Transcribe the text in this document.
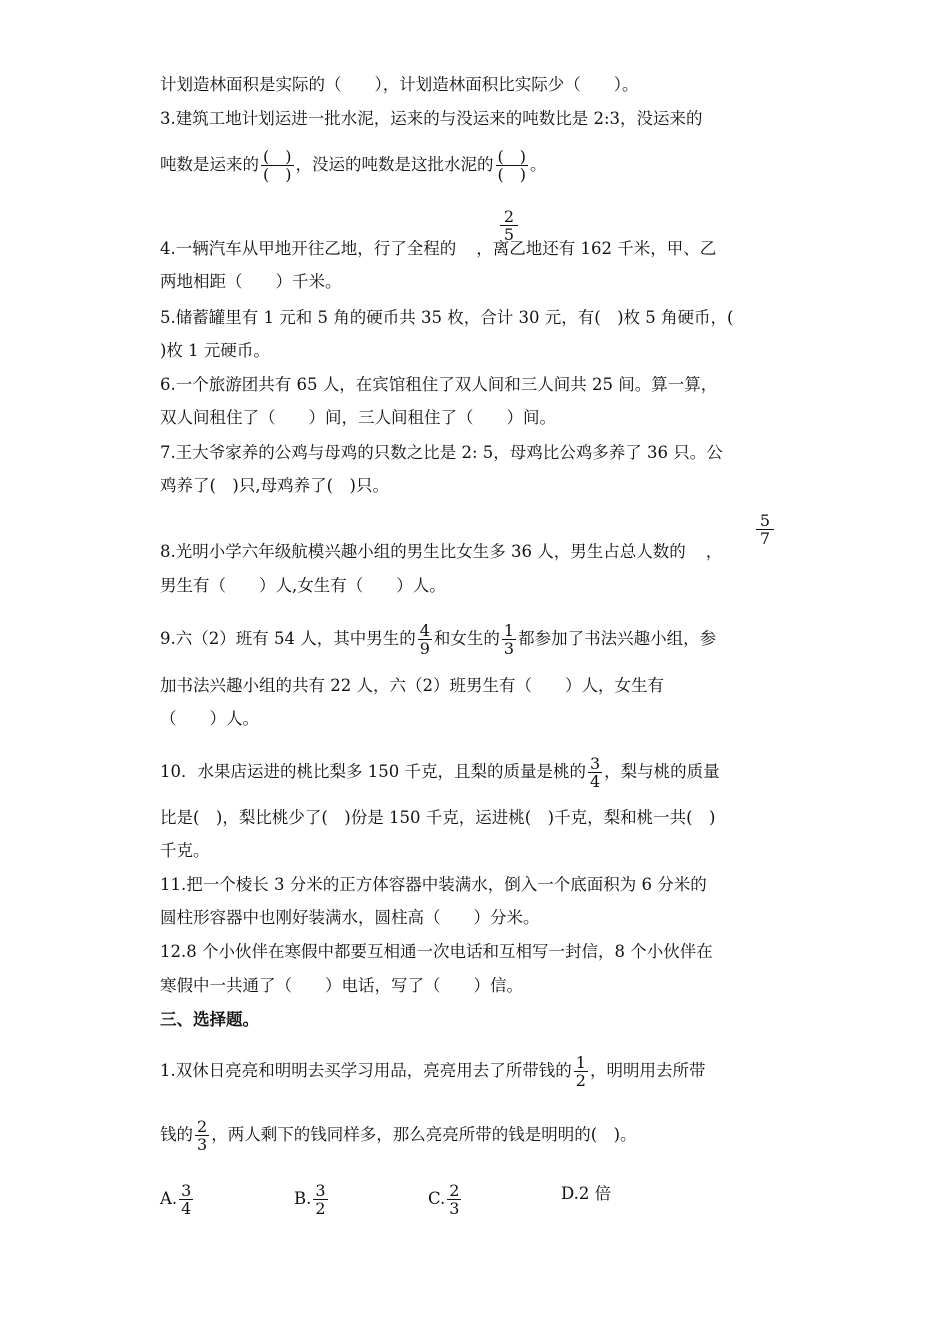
计划造林面积是实际的（　　），计划造林面积比实际少（　　）。
3.建筑工地计划运进一批水泥，运来的与没运来的吨数比是 2:3，没运来的
吨数是运来的 $\frac{( )}{( )}$ ，没运的吨数是这批水泥的 $\frac{( )}{( )}$ 。
4.一辆汽车从甲地开往乙地，行了全程的 ，离乙地还有 162 千米，甲、乙
$\frac{2}{5}$
两地相距（　　）千米。
5.储蓄罐里有 1 元和 5 角的硬币共 35 枚，合计 30 元，有(　)枚 5 角硬币，(
)枚 1 元硬币。
6.一个旅游团共有 65 人，在宾馆租住了双人间和三人间共 25 间。算一算，
双人间租住了（　　）间，三人间租住了（　　）间。
7.王大爷家养的公鸡与母鸡的只数之比是 2: 5，母鸡比公鸡多养了 36 只。公
鸡养了(　)只,母鸡养了(　)只。
8.光明小学六年级航模兴趣小组的男生比女生多 36 人，男生占总人数的 ，
$\frac{5}{7}$
男生有（　　）人,女生有（　　）人。
9.六（2）班有 54 人，其中男生的 $\frac{4}{9}$ 和女生的 $\frac{1}{3}$ 都参加了书法兴趣小组，参
加书法兴趣小组的共有 22 人，六（2）班男生有（　　）人，女生有
（　　）人。
10．水果店运进的桃比梨多 150 千克，且梨的质量是桃的 $\frac{3}{4}$ ，梨与桃的质量
比是(　)，梨比桃少了(　)份是 150 千克，运进桃(　)千克，梨和桃一共(　)
千克。
11.把一个棱长 3 分米的正方体容器中装满水，倒入一个底面积为 6 分米的
圆柱形容器中也刚好装满水，圆柱高（　　）分米。
12.8 个小伙伴在寒假中都要互相通一次电话和互相写一封信，8 个小伙伴在
寒假中一共通了（　　）电话，写了（　　）信。
三、选择题。
1.双休日亮亮和明明去买学习用品，亮亮用去了所带钱的 $\frac{1}{2}$ ，明明用去所带
钱的 $\frac{2}{3}$ ，两人剩下的钱同样多，那么亮亮所带的钱是明明的(　)。
A. $\frac{3}{4}$	B. $\frac{3}{2}$	C. $\frac{2}{3}$	D.2 倍
